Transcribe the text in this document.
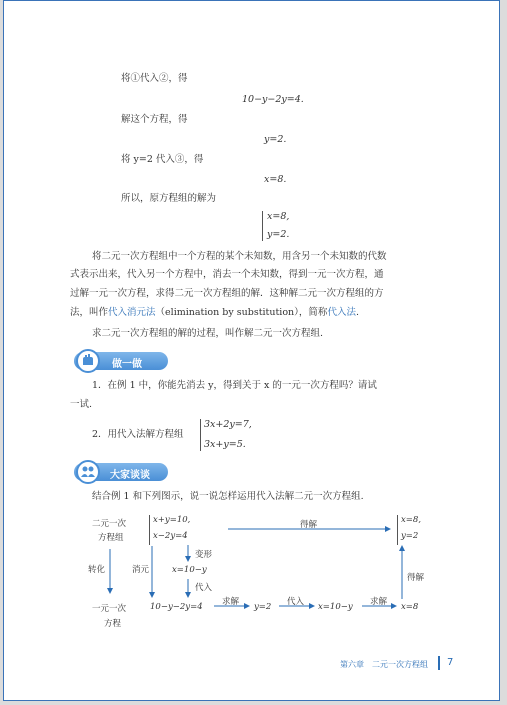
将①代入②，得
10−y−2y=4.
解这个方程，得
y=2.
将 y=2 代入③，得
x=8.
所以，原方程组的解为
x=8,
y=2.
将二元一次方程组中一个方程的某个未知数，用含另一个未知数的代数
式表示出来，代入另一个方程中，消去一个未知数，得到一元一次方程，通
过解一元一次方程，求得二元一次方程组的解．这种解二元一次方程组的方
法，叫作代入消元法（elimination by substitution），简称代入法.
求二元一次方程组的解的过程，叫作解二元一次方程组.
做一做
1．在例 1 中，你能先消去 y，得到关于 x 的一元一次方程吗？请试
一试.
2．用代入法解方程组
3x+2y=7,
3x+y=5.
大家谈谈
结合例 1 和下列图示，说一说怎样运用代入法解二元一次方程组.
二元一次
方程组
x+y=10,
x−2y=4
得解	x=8,
y=2
变形
x=10−y
代入
转化	消元
得解
一元一次
方程
10−y−2y=4 求解 y=2 代入 x=10−y 求解 x=8
第六章　二元一次方程组 7
